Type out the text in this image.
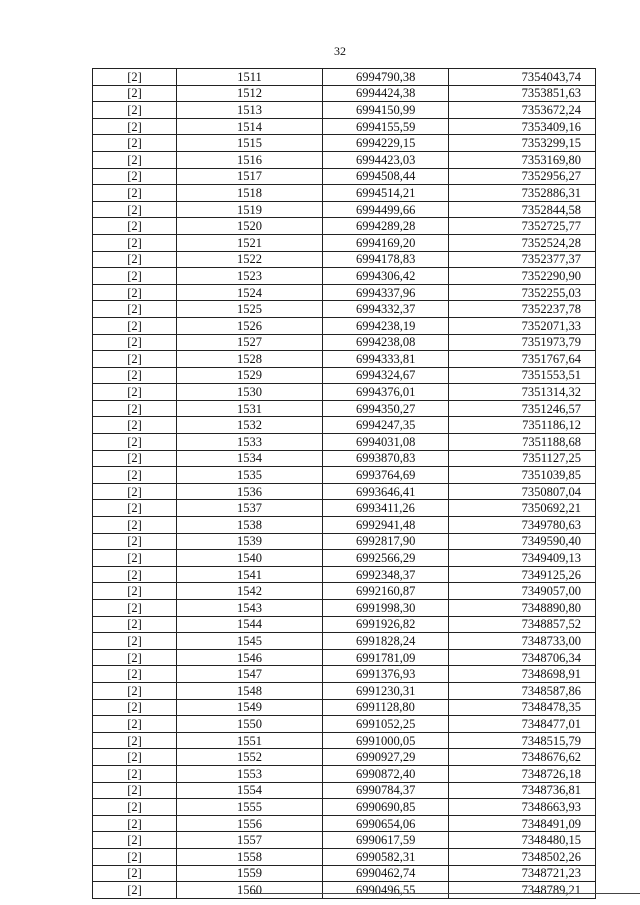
32
[2]	1511	6994790,38	7354043,74
[2]	1512	6994424,38	7353851,63
[2]	1513	6994150,99	7353672,24
[2]	1514	6994155,59	7353409,16
[2]	1515	6994229,15	7353299,15
[2]	1516	6994423,03	7353169,80
[2]	1517	6994508,44	7352956,27
[2]	1518	6994514,21	7352886,31
[2]	1519	6994499,66	7352844,58
[2]	1520	6994289,28	7352725,77
[2]	1521	6994169,20	7352524,28
[2]	1522	6994178,83	7352377,37
[2]	1523	6994306,42	7352290,90
[2]	1524	6994337,96	7352255,03
[2]	1525	6994332,37	7352237,78
[2]	1526	6994238,19	7352071,33
[2]	1527	6994238,08	7351973,79
[2]	1528	6994333,81	7351767,64
[2]	1529	6994324,67	7351553,51
[2]	1530	6994376,01	7351314,32
[2]	1531	6994350,27	7351246,57
[2]	1532	6994247,35	7351186,12
[2]	1533	6994031,08	7351188,68
[2]	1534	6993870,83	7351127,25
[2]	1535	6993764,69	7351039,85
[2]	1536	6993646,41	7350807,04
[2]	1537	6993411,26	7350692,21
[2]	1538	6992941,48	7349780,63
[2]	1539	6992817,90	7349590,40
[2]	1540	6992566,29	7349409,13
[2]	1541	6992348,37	7349125,26
[2]	1542	6992160,87	7349057,00
[2]	1543	6991998,30	7348890,80
[2]	1544	6991926,82	7348857,52
[2]	1545	6991828,24	7348733,00
[2]	1546	6991781,09	7348706,34
[2]	1547	6991376,93	7348698,91
[2]	1548	6991230,31	7348587,86
[2]	1549	6991128,80	7348478,35
[2]	1550	6991052,25	7348477,01
[2]	1551	6991000,05	7348515,79
[2]	1552	6990927,29	7348676,62
[2]	1553	6990872,40	7348726,18
[2]	1554	6990784,37	7348736,81
[2]	1555	6990690,85	7348663,93
[2]	1556	6990654,06	7348491,09
[2]	1557	6990617,59	7348480,15
[2]	1558	6990582,31	7348502,26
[2]	1559	6990462,74	7348721,23
[2]	1560	6990496,55	7348789,21
